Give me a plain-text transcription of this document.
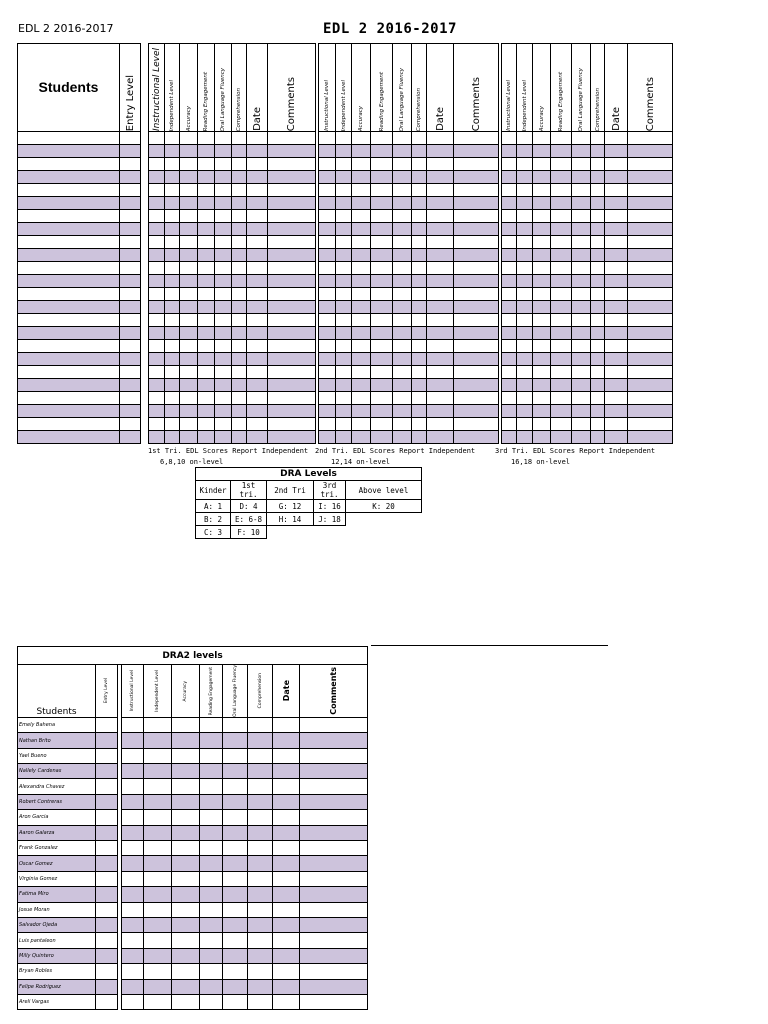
EDL 2 2016-2017	EDL 2 2016-2017
Students	Entry Level		Instructional Level	Independent Level	Accuracy	Reading Engagement	Oral Language Fluency	Comprehension	Date	Comments		Instructional Level	Independent Level	Accuracy	Reading Engagement	Oral Language Fluency	Comprehension	Date	Comments		Instructional Level	Independent Level	Accuracy	Reading Engagement	Oral Language Fluency	Comprehension	Date	Comments

1st Tri. EDL Scores Report Independent
6,8,10 on-level
2nd Tri. EDL Scores Report Independent
12,14 on-level
3rd Tri. EDL Scores Report Independent
16,18 on-level
DRA Levels				
Kinder	1st tri.	2nd Tri	3rd tri.	Above level
A: 1	D: 4	G: 12	I: 16	K: 20
B: 2	E: 6-8	H: 14	J: 18	
C: 3	F: 10			
DRA2 levels										
Students	Entry Level		Instructional Level	Independent Level	Accuracy	Reading Engagement	Oral Language Fluency	Comprehension	Date	Comments

Emely Bahena										
Nathan Brito										
Yael Bueno										
Nallely Cardenas										
Alexandra Chavez										
Robert Contreras										
Aron Garcia										
Aaron Galarza										
Frank Gonzalez										
Oscar Gomez										
Virginia Gomez										
Fatima Miro										
Josue Moran										
Salvador Ojeda										
Luis pantaleon										
Milly Quintero										
Bryan Robles										
Felipe Rodriguez										
Areli Vargas										
